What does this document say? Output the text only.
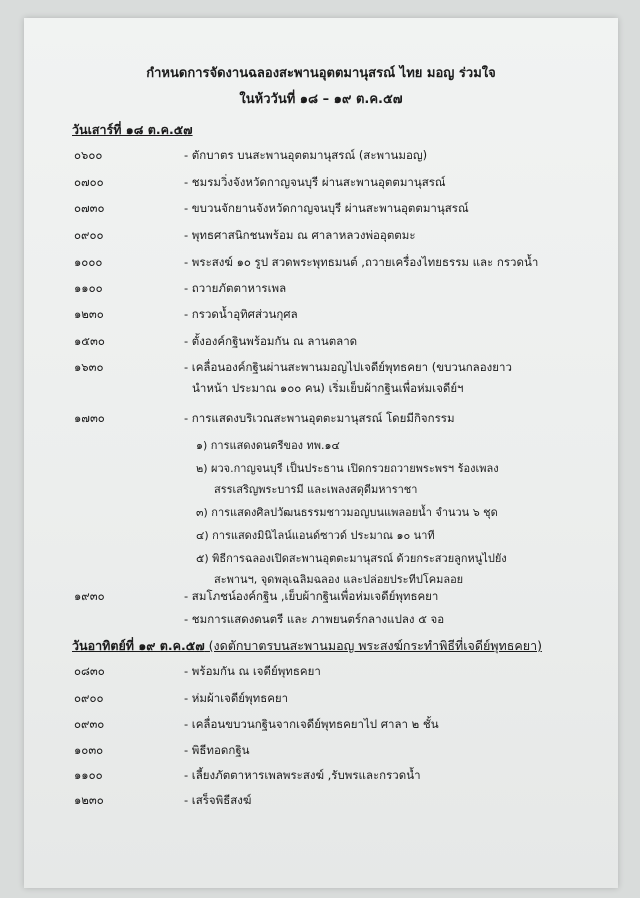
กำหนดการจัดงานฉลองสะพานอุตตมานุสรณ์ ไทย มอญ ร่วมใจ
ในห้ววันที่ ๑๘ – ๑๙ ต.ค.๕๗
วันเสาร์ที่ ๑๘ ต.ค.๕๗
๐๖๐๐	- ตักบาตร บนสะพานอุตตมานุสรณ์ (สะพานมอญ)
๐๗๐๐	- ชมรมวิ่งจังหวัดกาญจนบุรี ผ่านสะพานอุตตมานุสรณ์
๐๗๓๐	- ขบวนจักยานจังหวัดกาญจนบุรี ผ่านสะพานอุตตมานุสรณ์
๐๙๐๐	- พุทธศาสนิกชนพร้อม ณ ศาลาหลวงพ่ออุตตมะ
๑๐๐๐	- พระสงฆ์ ๑๐ รูป สวดพระพุทธมนต์ ,ถวายเครื่องไทยธรรม และ กรวดน้ำ
๑๑๐๐	- ถวายภัตตาหารเพล
๑๒๓๐	- กรวดน้ำอุทิศส่วนกุศล
๑๕๓๐	- ตั้งองค์กฐินพร้อมกัน ณ ลานตลาด
๑๖๓๐	- เคลื่อนองค์กฐินผ่านสะพานมอญไปเจดีย์พุทธคยา (ขบวนกลองยาว
นำหน้า ประมาณ ๑๐๐ คน) เริ่มเย็บผ้ากฐินเพื่อห่มเจดีย์ฯ
๑๗๓๐	- การแสดงบริเวณสะพานอุตตะมานุสรณ์ โดยมีกิจกรรม
๑) การแสดงดนตรีของ ทพ.๑๔
๒) ผวจ.กาญจนบุรี เป็นประธาน เปิดกรวยถวายพระพรฯ ร้องเพลง
สรรเสริญพระบารมี และเพลงสดุดีมหาราชา
๓) การแสดงศิลปวัฒนธรรมชาวมอญบนแพลอยน้ำ จำนวน ๖ ชุด
๔) การแสดงมินิไลน์แอนด์ซาวด์ ประมาณ ๑๐ นาที
๕) พิธีการฉลองเปิดสะพานอุตตะมานุสรณ์ ด้วยกระสวยลูกหนูไปยัง
สะพานฯ, จุดพลุเฉลิมฉลอง และปล่อยประทีปโคมลอย
๑๙๓๐	- สมโภชน์องค์กฐิน ,เย็บผ้ากฐินเพื่อห่มเจดีย์พุทธคยา
- ชมการแสดงดนตรี และ ภาพยนตร์กลางแปลง ๕ จอ
วันอาทิตย์ที่ ๑๙ ต.ค.๕๗ (งดตักบาตรบนสะพานมอญ พระสงฆ์กระทำพิธีที่เจดีย์พุทธคยา)
๐๘๓๐	- พร้อมกัน ณ เจดีย์พุทธคยา
๐๙๐๐	- ห่มผ้าเจดีย์พุทธคยา
๐๙๓๐	- เคลื่อนขบวนกฐินจากเจดีย์พุทธคยาไป ศาลา ๒ ชั้น
๑๐๓๐	- พิธีทอดกฐิน
๑๑๐๐	- เลี้ยงภัตตาหารเพลพระสงฆ์ ,รับพรและกรวดน้ำ
๑๒๓๐	- เสร็จพิธีสงฆ์
